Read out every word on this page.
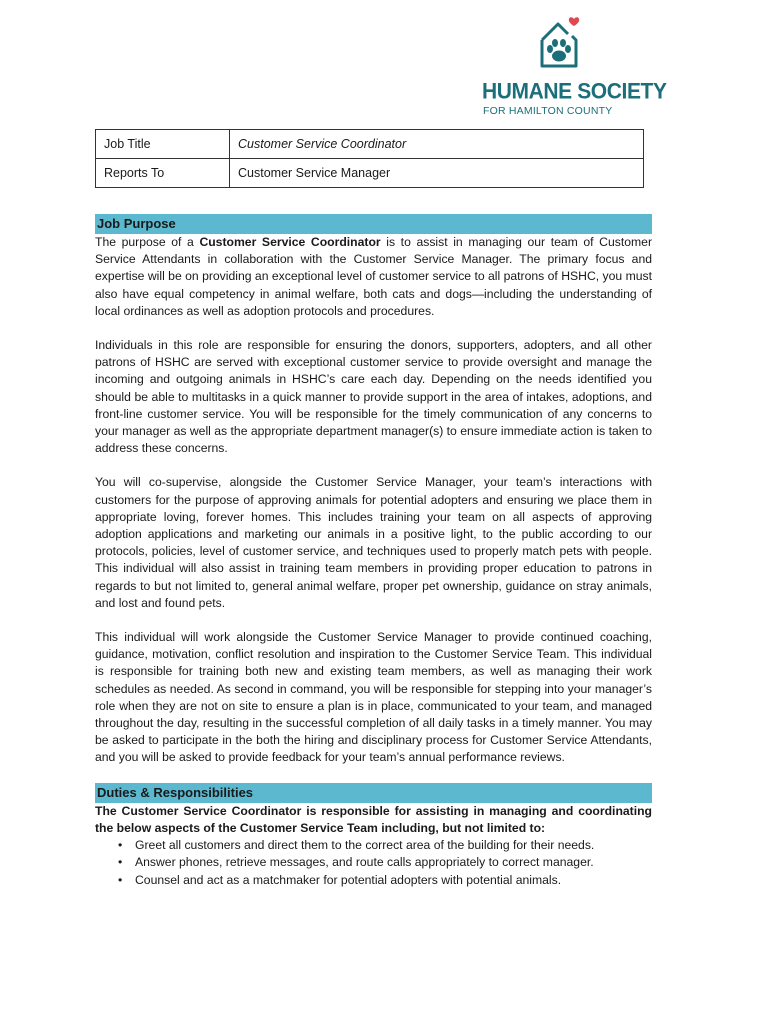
HUMANE SOCIETY
FOR HAMILTON COUNTY
Job Title	Customer Service Coordinator
Reports To	Customer Service Manager
Job Purpose

The purpose of a Customer Service Coordinator is to assist in managing our team of Customer Service Attendants in collaboration with the Customer Service Manager. The primary focus and expertise will be on providing an exceptional level of customer service to all patrons of HSHC, you must also have equal competency in animal welfare, both cats and dogs—including the understanding of local ordinances as well as adoption protocols and procedures.

Individuals in this role are responsible for ensuring the donors, supporters, adopters, and all other patrons of HSHC are served with exceptional customer service to provide oversight and manage the incoming and outgoing animals in HSHC’s care each day. Depending on the needs identified you should be able to multitasks in a quick manner to provide support in the area of intakes, adoptions, and front-line customer service. You will be responsible for the timely communication of any concerns to your manager as well as the appropriate department manager(s) to ensure immediate action is taken to address these concerns.

You will co-supervise, alongside the Customer Service Manager, your team’s interactions with customers for the purpose of approving animals for potential adopters and ensuring we place them in appropriate loving, forever homes. This includes training your team on all aspects of approving adoption applications and marketing our animals in a positive light, to the public according to our protocols, policies, level of customer service, and techniques used to properly match pets with people. This individual will also assist in training team members in providing proper education to patrons in regards to but not limited to, general animal welfare, proper pet ownership, guidance on stray animals, and lost and found pets.

This individual will work alongside the Customer Service Manager to provide continued coaching, guidance, motivation, conflict resolution and inspiration to the Customer Service Team. This individual is responsible for training both new and existing team members, as well as managing their work schedules as needed. As second in command, you will be responsible for stepping into your manager’s role when they are not on site to ensure a plan is in place, communicated to your team, and managed throughout the day, resulting in the successful completion of all daily tasks in a timely manner. You may be asked to participate in the both the hiring and disciplinary process for Customer Service Attendants, and you will be asked to provide feedback for your team’s annual performance reviews.

Duties & Responsibilities

The Customer Service Coordinator is responsible for assisting in managing and coordinating the below aspects of the Customer Service Team including, but not limited to:

• Greet all customers and direct them to the correct area of the building for their needs.
• Answer phones, retrieve messages, and route calls appropriately to correct manager.
• Counsel and act as a matchmaker for potential adopters with potential animals.
